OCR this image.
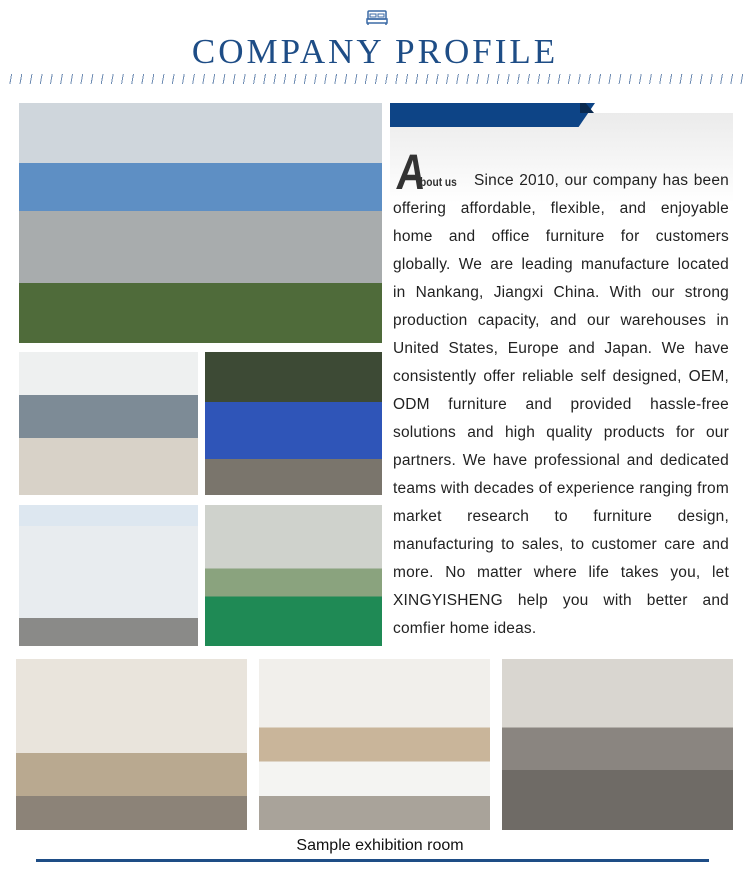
COMPANY PROFILE
A
bout us Since 2010, our company has been
offering affordable, flexible, and enjoyable
home and office furniture for customers
globally. We are leading manufacture located
in Nankang, Jiangxi China. With our strong
production capacity, and our warehouses in
United States, Europe and Japan. We have
consistently offer reliable self designed, OEM,
ODM furniture and provided hassle-free
solutions and high quality products for our
partners. We have professional and dedicated
teams with decades of experience ranging from
market research to furniture design,
manufacturing to sales, to customer care and
more. No matter where life takes you, let
XINGYISHENG help you with better and
comfier home ideas.
Sample exhibition room
